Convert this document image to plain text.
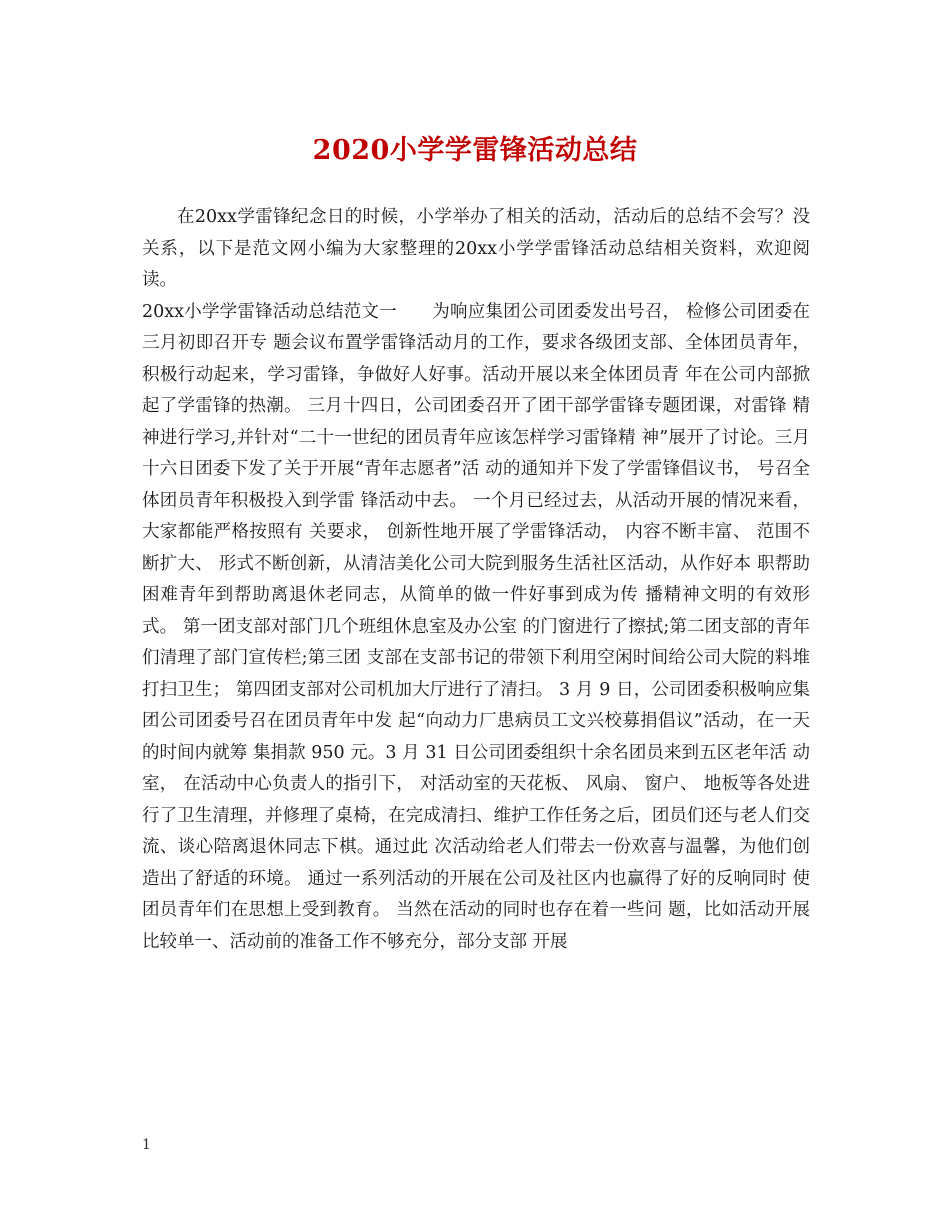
2020小学学雷锋活动总结

在20xx学雷锋纪念日的时候，小学举办了相关的活动，活动后的总结不会写？没关系，以下是范文网小编为大家整理的20xx小学学雷锋活动总结相关资料，欢迎阅读。

20xx小学学雷锋活动总结范文一　　为响应集团公司团委发出号召， 检修公司团委在三月初即召开专 题会议布置学雷锋活动月的工作，要求各级团支部、全体团员青年， 积极行动起来，学习雷锋，争做好人好事。活动开展以来全体团员青 年在公司内部掀起了学雷锋的热潮。 三月十四日，公司团委召开了团干部学雷锋专题团课，对雷锋 精神进行学习,并针对“二十一世纪的团员青年应该怎样学习雷锋精 神”展开了讨论。三月十六日团委下发了关于开展“青年志愿者”活 动的通知并下发了学雷锋倡议书， 号召全体团员青年积极投入到学雷 锋活动中去。 一个月已经过去，从活动开展的情况来看，大家都能严格按照有 关要求， 创新性地开展了学雷锋活动， 内容不断丰富、 范围不断扩大、 形式不断创新，从清洁美化公司大院到服务生活社区活动，从作好本 职帮助困难青年到帮助离退休老同志，从简单的做一件好事到成为传 播精神文明的有效形式。 第一团支部对部门几个班组休息室及办公室 的门窗进行了擦拭;第二团支部的青年们清理了部门宣传栏;第三团 支部在支部书记的带领下利用空闲时间给公司大院的料堆打扫卫生； 第四团支部对公司机加大厅进行了清扫。 3 月 9 日，公司团委积极响应集团公司团委号召在团员青年中发 起“向动力厂患病员工文兴校募捐倡议”活动，在一天的时间内就筹 集捐款 950 元。3 月 31 日公司团委组织十余名团员来到五区老年活 动室， 在活动中心负责人的指引下， 对活动室的天花板、 风扇、 窗户、 地板等各处进行了卫生清理，并修理了桌椅，在完成清扫、维护工作任务之后，团员们还与老人们交流、谈心陪离退休同志下棋。通过此 次活动给老人们带去一份欢喜与温馨，为他们创造出了舒适的环境。 通过一系列活动的开展在公司及社区内也赢得了好的反响同时 使团员青年们在思想上受到教育。 当然在活动的同时也存在着一些问 题，比如活动开展比较单一、活动前的准备工作不够充分，部分支部 开展

1
